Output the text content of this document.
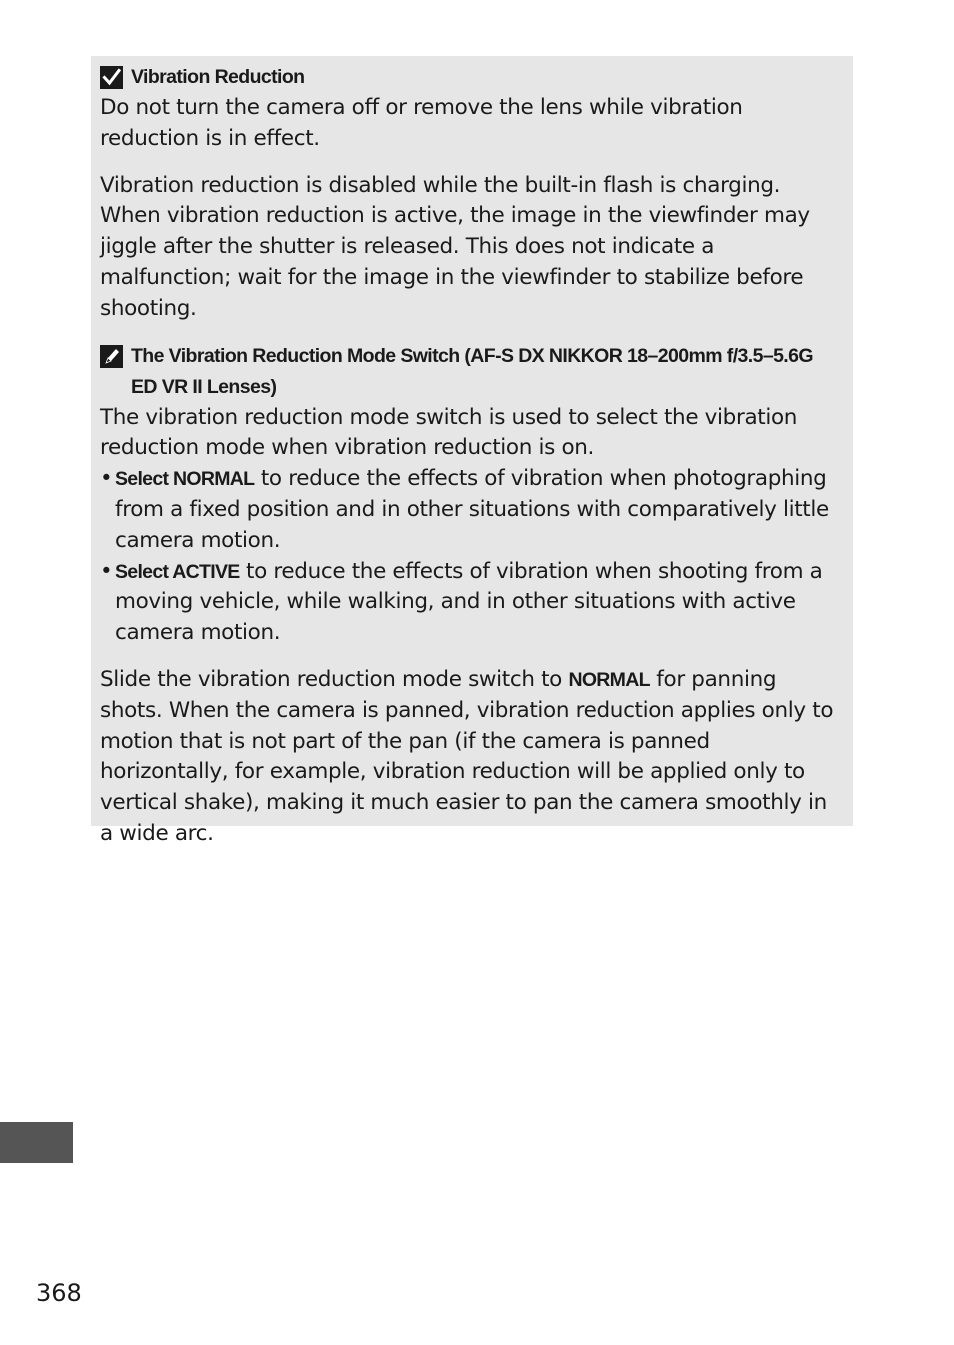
Vibration Reduction

Do not turn the camera off or remove the lens while vibration reduction is in effect.

Vibration reduction is disabled while the built-in flash is charging. When vibration reduction is active, the image in the viewfinder may jiggle after the shutter is released. This does not indicate a malfunction; wait for the image in the viewfinder to stabilize before shooting.

The Vibration Reduction Mode Switch (AF-S DX NIKKOR 18–200mm f/3.5–5.6G ED VR II Lenses)

The vibration reduction mode switch is used to select the vibration reduction mode when vibration reduction is on.

• Select NORMAL to reduce the effects of vibration when photographing from a fixed position and in other situations with comparatively little camera motion.
• Select ACTIVE to reduce the effects of vibration when shooting from a moving vehicle, while walking, and in other situations with active camera motion.

Slide the vibration reduction mode switch to NORMAL for panning shots. When the camera is panned, vibration reduction applies only to motion that is not part of the pan (if the camera is panned horizontally, for example, vibration reduction will be applied only to vertical shake), making it much easier to pan the camera smoothly in a wide arc.

368
